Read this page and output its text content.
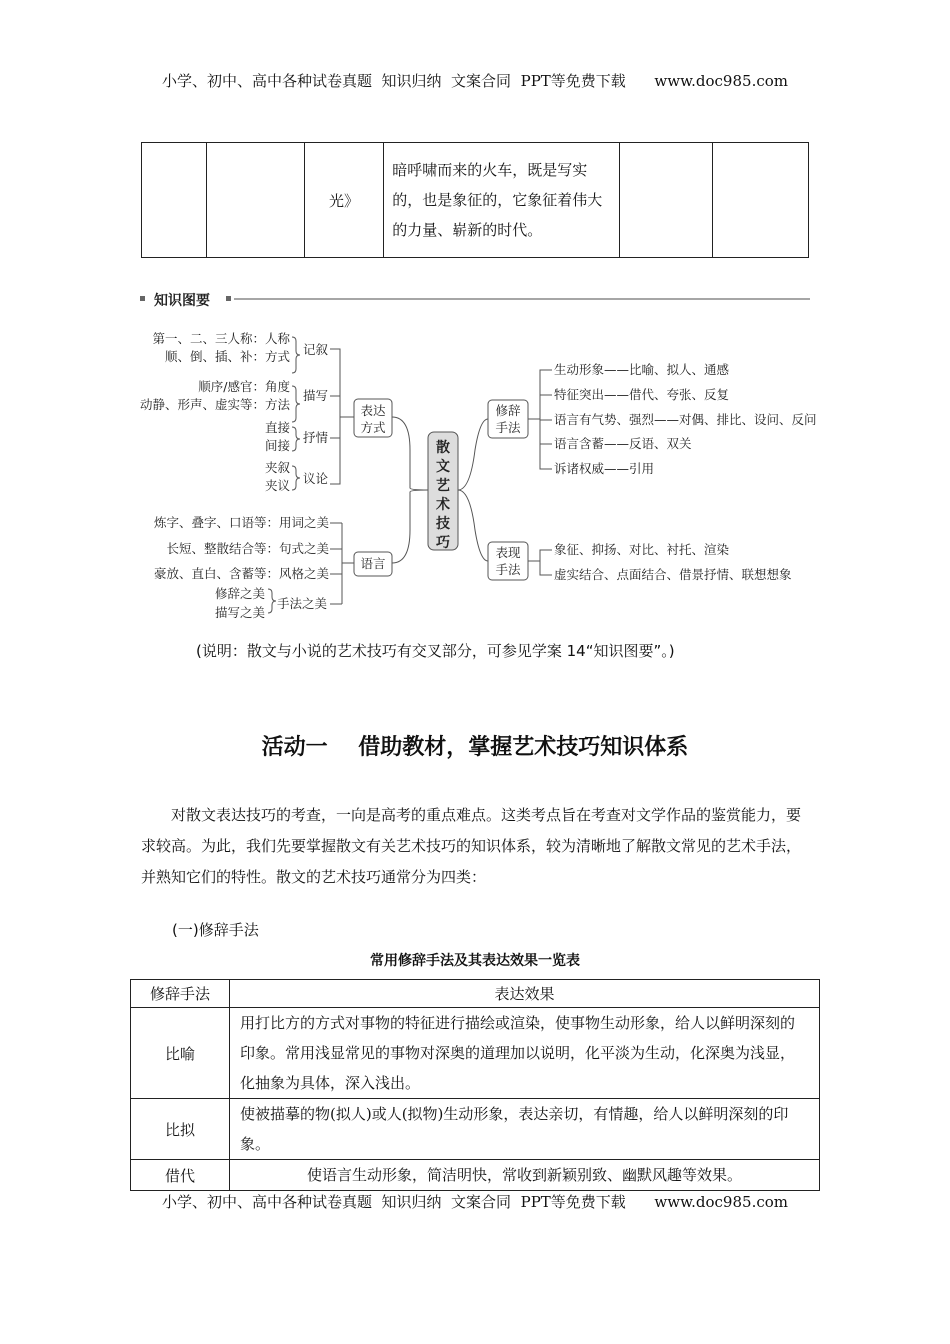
小学、初中、高中各种试卷真题  知识归纳  文案合同  PPT等免费下载      www.doc985.com
		光》	暗呼啸而来的火车，既是写实的，也是象征的，它象征着伟大的力量、崭新的时代。		
知识图要
第一、二、三人称：人称
顺、倒、插、补：方式
顺序/感官：角度
动静、形声、虚实等：方法
直接
间接
夹叙
夹议
记叙
描写
抒情
议论
炼字、叠字、口语等：用词之美
长短、整散结合等：句式之美
豪放、直白、含蓄等：风格之美
修辞之美
描写之美
手法之美
表达方式
语言
修辞手法
表现手法
散文艺术技巧
生动形象——比喻、拟人、通感
特征突出——借代、夸张、反复
语言有气势、强烈——对偶、排比、设问、反问
语言含蓄——反语、双关
诉诸权威——引用
象征、抑扬、对比、衬托、渲染
虚实结合、点面结合、借景抒情、联想想象
(说明：散文与小说的艺术技巧有交叉部分，可参见学案 14“知识图要”。)
活动一    借助教材，掌握艺术技巧知识体系
对散文表达技巧的考查，一向是高考的重点难点。这类考点旨在考查对文学作品的鉴赏能力，要求较高。为此，我们先要掌握散文有关艺术技巧的知识体系，较为清晰地了解散文常见的艺术手法，并熟知它们的特性。散文的艺术技巧通常分为四类：
(一)修辞手法
常用修辞手法及其表达效果一览表
修辞手法	表达效果
比喻	用打比方的方式对事物的特征进行描绘或渲染，使事物生动形象，给人以鲜明深刻的印象。常用浅显常见的事物对深奥的道理加以说明，化平淡为生动，化深奥为浅显，化抽象为具体，深入浅出。
比拟	使被描摹的物(拟人)或人(拟物)生动形象，表达亲切，有情趣，给人以鲜明深刻的印象。
借代	使语言生动形象，简洁明快，常收到新颖别致、幽默风趣等效果。
小学、初中、高中各种试卷真题  知识归纳  文案合同  PPT等免费下载      www.doc985.com
